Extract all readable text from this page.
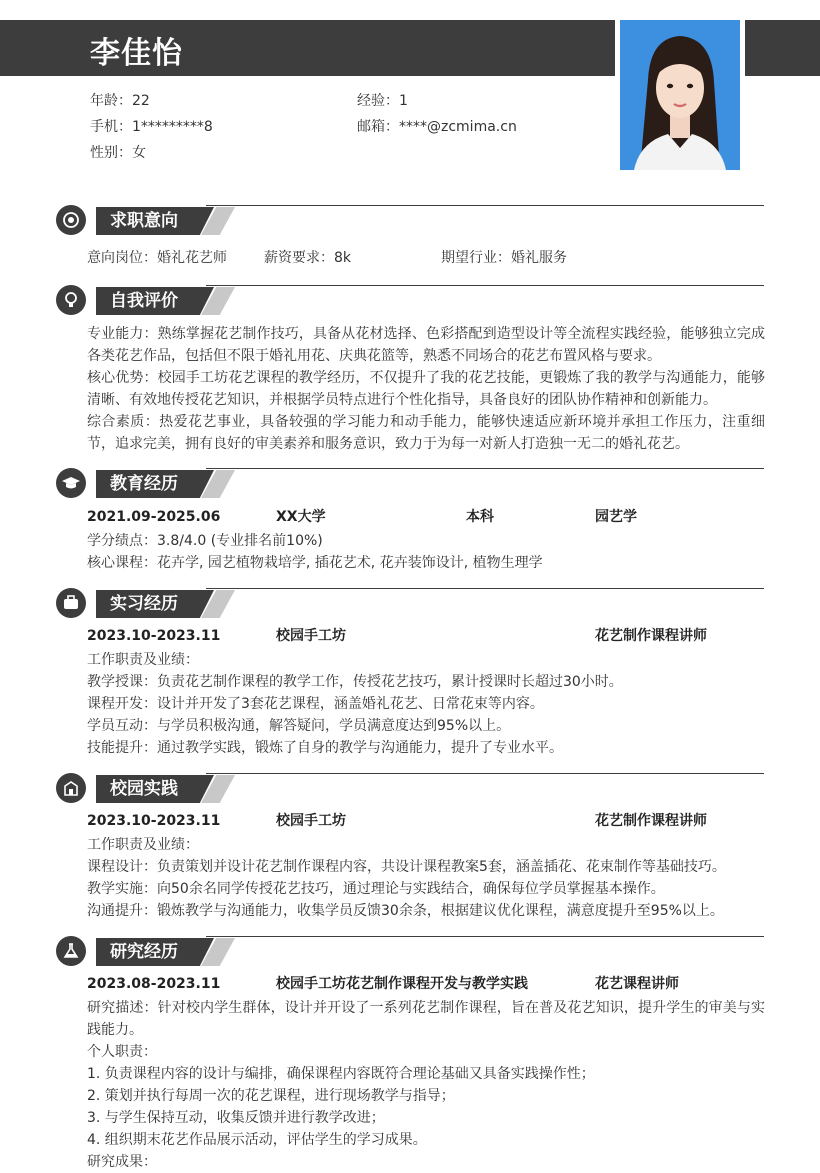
李佳怡
年龄：22	经验：1
手机：1*********8	邮箱：****@zcmima.cn
性别：女
求职意向
意向岗位：婚礼花艺师	薪资要求：8k	期望行业：婚礼服务
自我评价
专业能力：熟练掌握花艺制作技巧，具备从花材选择、色彩搭配到造型设计等全流程实践经验，能够独立完成各类花艺作品，包括但不限于婚礼用花、庆典花篮等，熟悉不同场合的花艺布置风格与要求。
核心优势：校园手工坊花艺课程的教学经历，不仅提升了我的花艺技能，更锻炼了我的教学与沟通能力，能够清晰、有效地传授花艺知识，并根据学员特点进行个性化指导，具备良好的团队协作精神和创新能力。
综合素质：热爱花艺事业，具备较强的学习能力和动手能力，能够快速适应新环境并承担工作压力，注重细节，追求完美，拥有良好的审美素养和服务意识，致力于为每一对新人打造独一无二的婚礼花艺。
教育经历
2021.09-2025.06	XX大学	本科	园艺学
学分绩点：3.8/4.0 (专业排名前10%)
核心课程：花卉学, 园艺植物栽培学, 插花艺术, 花卉装饰设计, 植物生理学
实习经历
2023.10-2023.11	校园手工坊	花艺制作课程讲师
工作职责及业绩：
教学授课：负责花艺制作课程的教学工作，传授花艺技巧，累计授课时长超过30小时。
课程开发：设计并开发了3套花艺课程，涵盖婚礼花艺、日常花束等内容。
学员互动：与学员积极沟通，解答疑问，学员满意度达到95%以上。
技能提升：通过教学实践，锻炼了自身的教学与沟通能力，提升了专业水平。
校园实践
2023.10-2023.11	校园手工坊	花艺制作课程讲师
工作职责及业绩：
课程设计：负责策划并设计花艺制作课程内容，共设计课程教案5套，涵盖插花、花束制作等基础技巧。
教学实施：向50余名同学传授花艺技巧，通过理论与实践结合，确保每位学员掌握基本操作。
沟通提升：锻炼教学与沟通能力，收集学员反馈30余条，根据建议优化课程，满意度提升至95%以上。
研究经历
2023.08-2023.11	校园手工坊花艺制作课程开发与教学实践	花艺课程讲师
研究描述：针对校内学生群体，设计并开设了一系列花艺制作课程，旨在普及花艺知识，提升学生的审美与实践能力。
个人职责：
1. 负责课程内容的设计与编排，确保课程内容既符合理论基础又具备实践操作性；
2. 策划并执行每周一次的花艺课程，进行现场教学与指导；
3. 与学生保持互动，收集反馈并进行教学改进；
4. 组织期末花艺作品展示活动，评估学生的学习成果。
研究成果：
